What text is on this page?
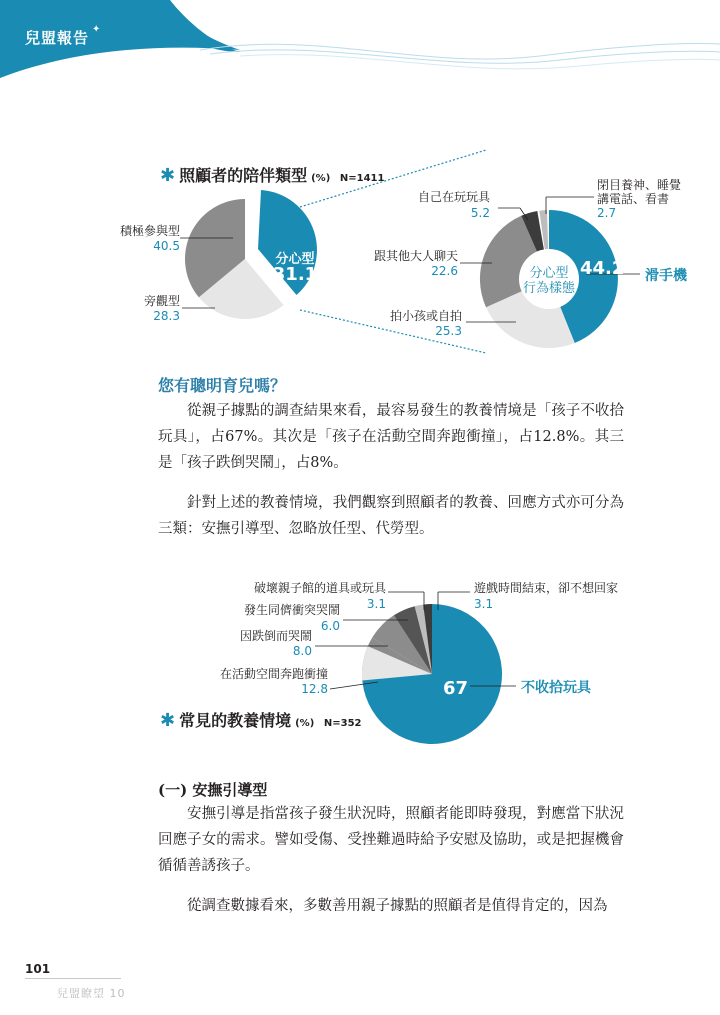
兒盟報告 ✦
✱ 照顧者的陪伴類型 (%) N=1411
積極參與型
40.5
旁觀型
28.3
分心型
31.1
閉目養神、睡覺
講電話、看書
2.7
自己在玩玩具
5.2
跟其他大人聊天
22.6
拍小孩或自拍
25.3
分心型
行為樣態
44.2 滑手機
您有聰明育兒嗎？

從親子據點的調查結果來看，最容易發生的教養情境是「孩子不收拾玩具」，占67%。其次是「孩子在活動空間奔跑衝撞」，占12.8%。其三是「孩子跌倒哭鬧」，占8%。

針對上述的教養情境，我們觀察到照顧者的教養、回應方式亦可分為三類：安撫引導型、忽略放任型、代勞型。

破壞親子館的道具或玩具
3.1
遊戲時間結束，卻不想回家
3.1
發生同儕衝突哭鬧
6.0
因跌倒而哭鬧
8.0
在活動空間奔跑衝撞
12.8	67	不收拾玩具
✱ 常見的教養情境 (%) N=352
(一) 安撫引導型

安撫引導是指當孩子發生狀況時，照顧者能即時發現，對應當下狀況回應子女的需求。譬如受傷、受挫難過時給予安慰及協助，或是把握機會循循善誘孩子。

從調查數據看來，多數善用親子據點的照顧者是值得肯定的，因為

101
兒盟瞭望 10
